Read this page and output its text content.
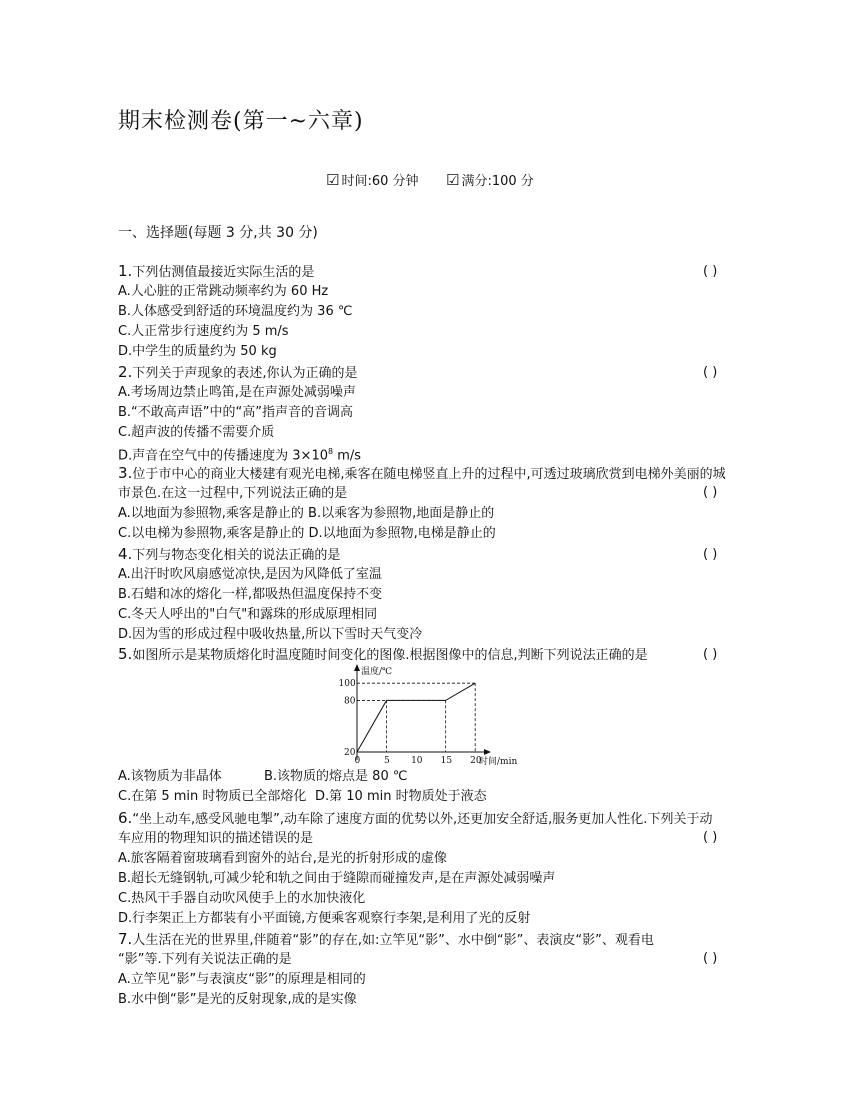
期末检测卷(第一~六章)
☑ 时间:60 分钟 ☑ 满分:100 分
一、选择题(每题 3 分,共 30 分)
1.下列估测值最接近实际生活的是	( )
A.人心脏的正常跳动频率约为 60 Hz
B.人体感受到舒适的环境温度约为 36 ℃
C.人正常步行速度约为 5 m/s
D.中学生的质量约为 50 kg
2.下列关于声现象的表述,你认为正确的是	( )
A.考场周边禁止鸣笛,是在声源处减弱噪声
B.“不敢高声语”中的“高”指声音的音调高
C.超声波的传播不需要介质
D.声音在空气中的传播速度为 $3\times 10^8$ m/s
3.位于市中心的商业大楼建有观光电梯,乘客在随电梯竖直上升的过程中,可透过玻璃欣赏到电梯外美丽的城
市景色.在这一过程中,下列说法正确的是	( )
A.以地面为参照物,乘客是静止的 B.以乘客为参照物,地面是静止的
C.以电梯为参照物,乘客是静止的 D.以地面为参照物,电梯是静止的
4.下列与物态变化相关的说法正确的是	( )
A.出汗时吹风扇感觉凉快,是因为风降低了室温
B.石蜡和冰的熔化一样,都吸热但温度保持不变
C.冬天人呼出的"白气"和露珠的形成原理相同
D.因为雪的形成过程中吸收热量,所以下雪时天气变冷
5.如图所示是某物质熔化时温度随时间变化的图像.根据图像中的信息,判断下列说法正确的是	( )
温度/℃
时间/min
0	5 10 15 20
20
80
100
A.该物质为非晶体	B.该物质的熔点是 80 ℃
C.在第 5 min 时物质已全部熔化 D.第 10 min 时物质处于液态
6.“坐上动车,感受风驰电掣”,动车除了速度方面的优势以外,还更加安全舒适,服务更加人性化.下列关于动
车应用的物理知识的描述错误的是	( )
A.旅客隔着窗玻璃看到窗外的站台,是光的折射形成的虚像
B.超长无缝钢轨,可减少轮和轨之间由于缝隙而碰撞发声,是在声源处减弱噪声
C.热风干手器自动吹风使手上的水加快液化
D.行李架正上方都装有小平面镜,方便乘客观察行李架,是利用了光的反射
7.人生活在光的世界里,伴随着“影”的存在,如:立竿见“影”、水中倒“影”、表演皮“影”、观看电
“影”等.下列有关说法正确的是	( )
A.立竿见“影”与表演皮“影”的原理是相同的
B.水中倒“影”是光的反射现象,成的是实像
